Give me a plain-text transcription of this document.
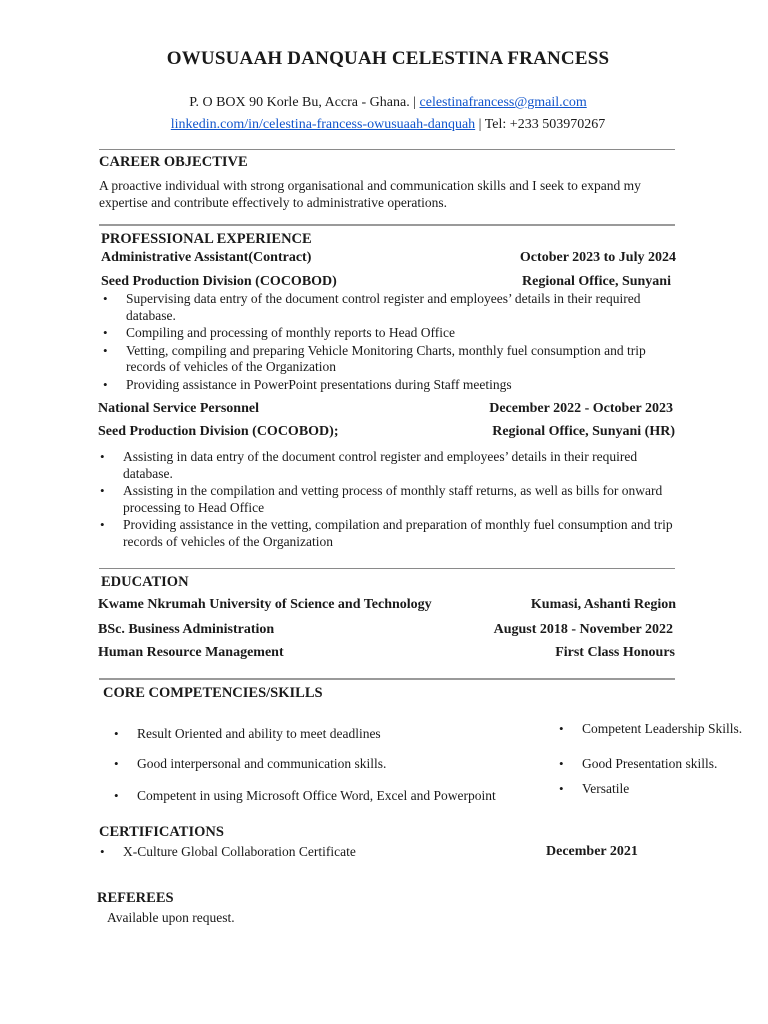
OWUSUAAH DANQUAH CELESTINA FRANCESS
P. O BOX 90 Korle Bu, Accra - Ghana. | celestinafrancess@gmail.com
linkedin.com/in/celestina-francess-owusuaah-danquah | Tel: +233 503970267
CAREER OBJECTIVE

A proactive individual with strong organisational and communication skills and I seek to expand my expertise and contribute effectively to administrative operations.

PROFESSIONAL EXPERIENCE
Administrative Assistant(Contract)	October 2023 to July 2024
Seed Production Division (COCOBOD)	Regional Office, Sunyani
• Supervising data entry of the document control register and employees’ details in their required database.
• Compiling and processing of monthly reports to Head Office
• Vetting, compiling and preparing Vehicle Monitoring Charts, monthly fuel consumption and trip records of vehicles of the Organization
• Providing assistance in PowerPoint presentations during Staff meetings
National Service Personnel	December 2022 - October 2023
Seed Production Division (COCOBOD);	Regional Office, Sunyani (HR)
• Assisting in data entry of the document control register and employees’ details in their required database.
• Assisting in the compilation and vetting process of monthly staff returns, as well as bills for onward processing to Head Office
• Providing assistance in the vetting, compilation and preparation of monthly fuel consumption and trip records of vehicles of the Organization
EDUCATION
Kwame Nkrumah University of Science and Technology	Kumasi, Ashanti Region
BSc. Business Administration	August 2018 - November 2022
Human Resource Management	First Class Honours
CORE COMPETENCIES/SKILLS
• Result Oriented and ability to meet deadlines
• Good interpersonal and communication skills.
• Competent in using Microsoft Office Word, Excel and Powerpoint
• Competent Leadership Skills.
• Good Presentation skills.
• Versatile
CERTIFICATIONS
• X-Culture Global Collaboration Certificate	December 2021
REFEREES

Available upon request.
